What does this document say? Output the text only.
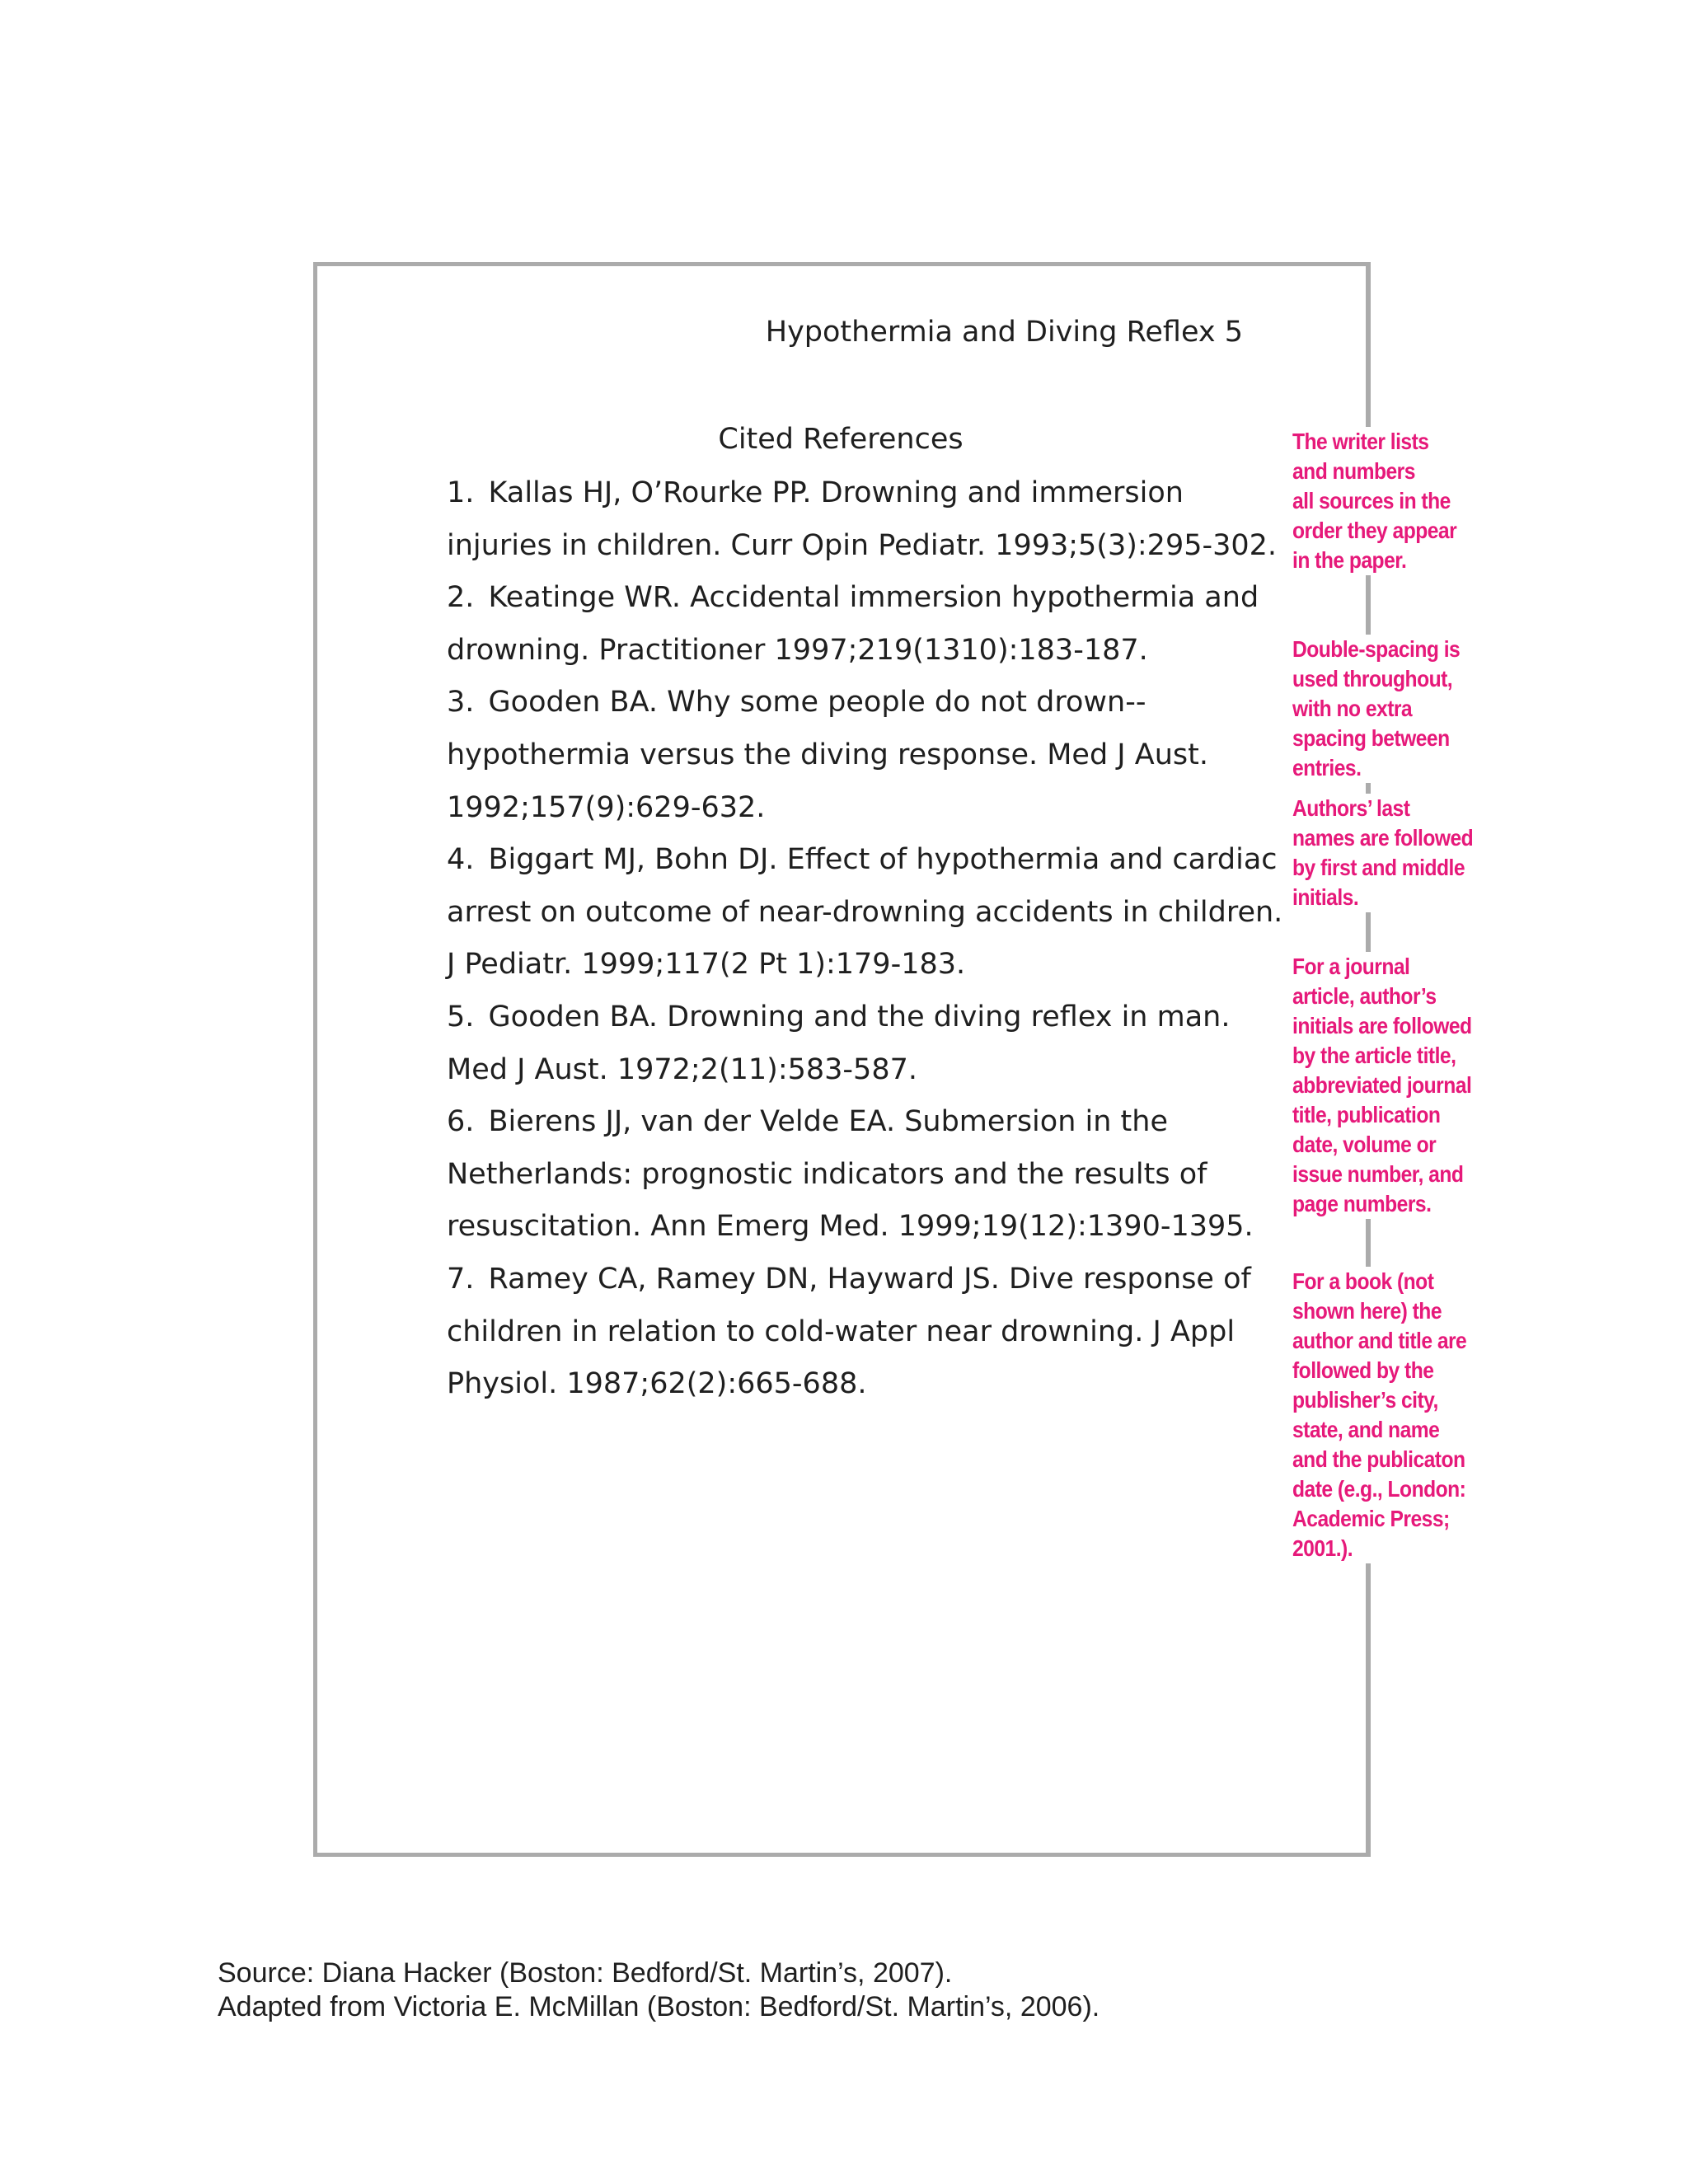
Hypothermia and Diving Reflex 5
Cited References
1. Kallas HJ, O’Rourke PP. Drowning and immersion injuries in children. Curr Opin Pediatr. 1993;5(3):295-302.
2. Keatinge WR. Accidental immersion hypothermia and drowning. Practitioner 1997;219(1310):183-187.
3. Gooden BA. Why some people do not drown--hypothermia versus the diving response. Med J Aust. 1992;157(9):629-632.
4. Biggart MJ, Bohn DJ. Effect of hypothermia and cardiac arrest on outcome of near-drowning accidents in children. J Pediatr. 1999;117(2 Pt 1):179-183.
5. Gooden BA. Drowning and the diving reflex in man. Med J Aust. 1972;2(11):583-587.
6. Bierens JJ, van der Velde EA. Submersion in the Netherlands: prognostic indicators and the results of resuscitation. Ann Emerg Med. 1999;19(12):1390-1395.
7. Ramey CA, Ramey DN, Hayward JS. Dive response of children in relation to cold-water near drowning. J Appl Physiol. 1987;62(2):665-688.
The writer lists
and numbers
all sources in the
order they appear
in the paper.
Double-spacing is
used throughout,
with no extra
spacing between
entries.
Authors’ last
names are followed
by first and middle
initials.
For a journal
article, author’s
initials are followed
by the article title,
abbreviated journal
title, publication
date, volume or
issue number, and
page numbers.
For a book (not
shown here) the
author and title are
followed by the
publisher’s city,
state, and name
and the publicaton
date (e.g., London:
Academic Press;
2001.).
Source: Diana Hacker (Boston: Bedford/St. Martin’s, 2007).
Adapted from Victoria E. McMillan (Boston: Bedford/St. Martin’s, 2006).
